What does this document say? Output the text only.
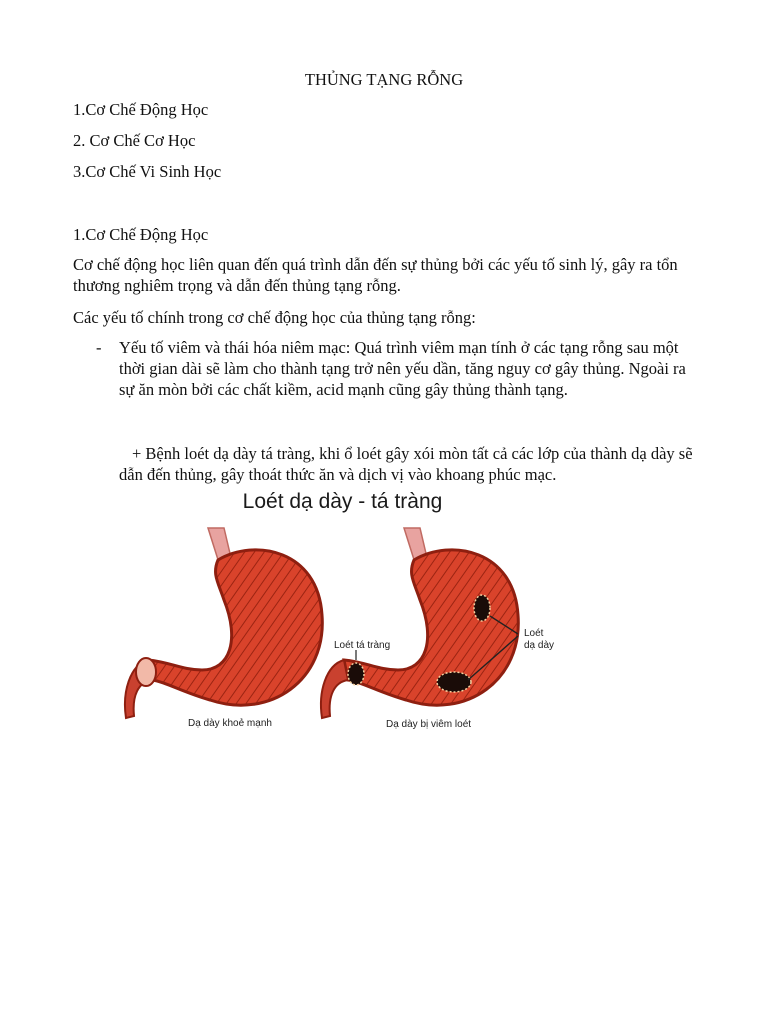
THỦNG TẠNG RỖNG
1.Cơ Chế Động Học
2. Cơ Chế Cơ Học
3.Cơ Chế Vi Sinh Học
1.Cơ Chế Động Học
Cơ chế động học liên quan đến quá trình dẫn đến sự thủng bởi các yếu tố sinh lý, gây ra tổn thương nghiêm trọng và dẫn đến thủng tạng rỗng.
Các yếu tố chính trong cơ chế động học của thủng tạng rỗng:
- Yếu tố viêm và thái hóa niêm mạc: Quá trình viêm mạn tính ở các tạng rỗng sau một thời gian dài sẽ làm cho thành tạng trở nên yếu dần, tăng nguy cơ gây thủng. Ngoài ra sự ăn mòn bởi các chất kiềm, acid mạnh cũng gây thủng thành tạng.
+ Bệnh loét dạ dày tá tràng, khi ổ loét gây xói mòn tất cả các lớp của thành dạ dày sẽ dẫn đến thủng, gây thoát thức ăn và dịch vị vào khoang phúc mạc.
Loét dạ dày - tá tràng
Loét tá tràng
Loét
dạ dày
Dạ dày khoẻ mạnh	Dạ dày bị viêm loét
